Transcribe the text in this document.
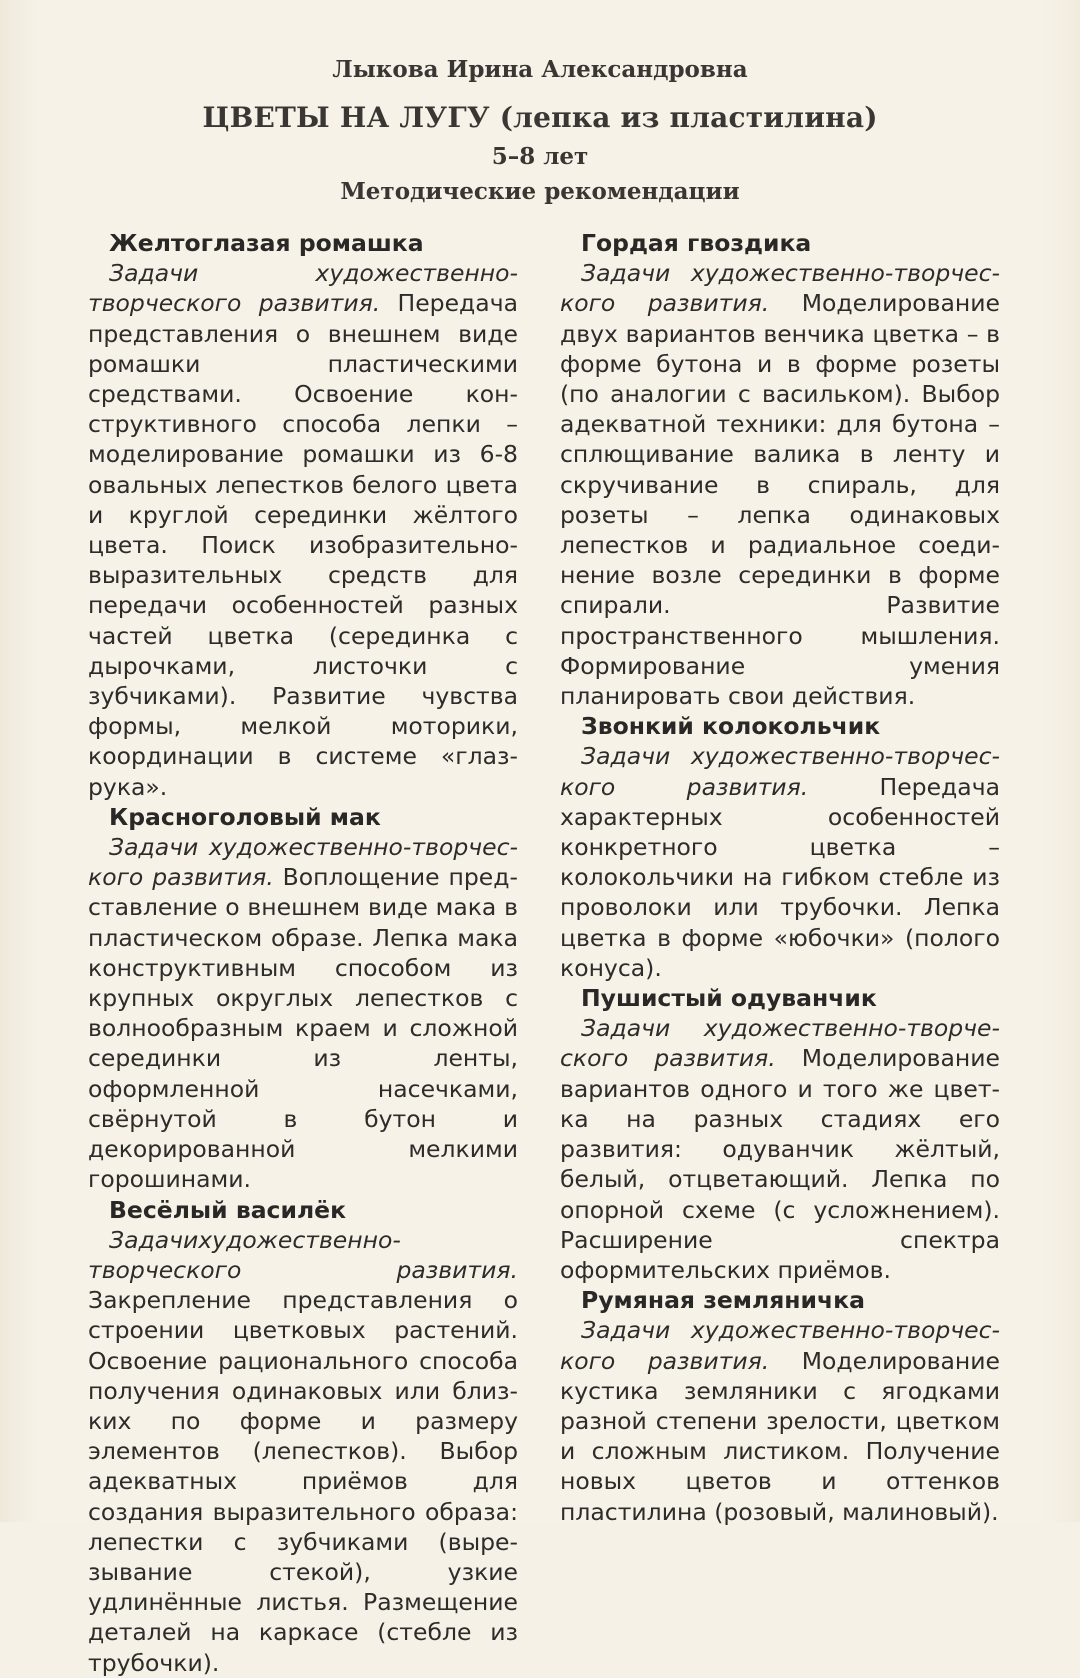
Лыкова Ирина Александровна
ЦВЕТЫ НА ЛУГУ (лепка из пластилина)
5–8 лет
Методические рекомендации
Желтоглазая ромашка

Задачи художественно-творческого развития. Передача представления о внешнем виде ромашки пластическими средствами. Освоение конструктивного способа лепки – моделирование ромашки из 6-8 овальных лепестков белого цвета и круглой серединки жёлтого цвета. Поиск изобразительно-выразительных средств для передачи особенностей разных частей цветка (серединка с дырочками, листочки с зубчиками). Развитие чувства формы, мелкой моторики, координации в системе «глаз-рука».

Красноголовый мак

Задачи художественно-творческого развития. Воплощение представление о внешнем виде мака в пластическом образе. Лепка мака конструктивным способом из крупных округлых лепестков с волнообразным краем и сложной серединки из ленты, оформленной насечками, свёрнутой в бутон и декорированной мелкими горошинами.

Весёлый василёк

Задачихудожественно-творческого развития. Закрепление представления о строении цветковых растений. Освоение рационального способа получения одинаковых или близких по форме и размеру элементов (лепестков). Выбор адекватных приёмов для создания выразительного образа: лепестки с зубчиками (вырезывание стекой), узкие удлинённые листья. Размещение деталей на каркасе (стебле из трубочки).

Гордая гвоздика

Задачи художественно-творческого развития. Моделирование двух вариантов венчика цветка – в форме бутона и в форме розеты (по аналогии с васильком). Выбор адекватной техники: для бутона – сплющивание валика в ленту и скручивание в спираль, для розеты – лепка одинаковых лепестков и радиальное соединение возле серединки в форме спирали. Развитие пространственного мышления. Формирование умения планировать свои действия.

Звонкий колокольчик

Задачи художественно-творческого развития. Передача характерных особенностей конкретного цветка – колокольчики на гибком стебле из проволоки или трубочки. Лепка цветка в форме «юбочки» (полого конуса).

Пушистый одуванчик

Задачи художественно-творческого развития. Моделирование вариантов одного и того же цветка на разных стадиях его развития: одуванчик жёлтый, белый, отцветающий. Лепка по опорной схеме (с усложнением). Расширение спектра оформительских приёмов.

Румяная земляничка

Задачи художественно-творческого развития. Моделирование кустика земляники с ягодками разной степени зрелости, цветком и сложным листиком. Получение новых цветов и оттенков пластилина (розовый, малиновый).
